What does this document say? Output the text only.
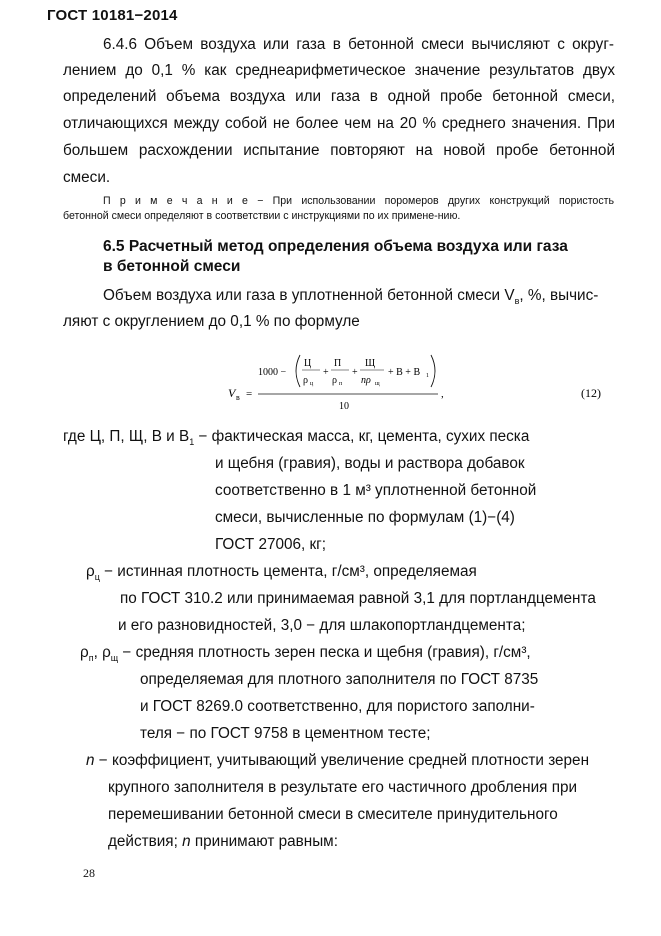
ГОСТ 10181−2014
6.4.6 Объем воздуха или газа в бетонной смеси вычисляют с округ-
лением до 0,1 % как среднеарифметическое значение результатов двух
определений объема воздуха или газа в одной пробе бетонной смеси,
отличающихся между собой не более чем на 20 % среднего значения. При
большем расхождении испытание повторяют на новой пробе бетонной
смеси.
П р и м е ч а н и е − При использовании поромеров других конструкций пористость
бетонной смеси определяют в соответствии с инструкциями по их примене-нию.
6.5 Расчетный метод определения объема воздуха или газа
в бетонной смеси
Объем воздуха или газа в уплотненной бетонной смеси $V_в$, %, вычис-
ляют с округлением до 0,1 % по формуле
V в =
1000 −
Ц
ρ ц
+
П
ρ п
+
Щ
nρ щ
+ В + В 1
10
,	(12)
где Ц, П, Щ, В и $В_1$ − фактическая масса, кг, цемента, сухих песка
и щебня (гравия), воды и раствора добавок
соответственно в 1 м³ уплотненной бетонной
смеси, вычисленные по формулам (1)−(4)
ГОСТ 27006, кг;
$\rho_ц$ − истинная плотность цемента, г/см³, определяемая
по ГОСТ 310.2 или принимаемая равной 3,1 для портландцемента
и его разновидностей, 3,0 − для шлакопортландцемента;
$\rho_п$, $\rho_щ$ − средняя плотность зерен песка и щебня (гравия), г/см³,
определяемая для плотного заполнителя по ГОСТ 8735
и ГОСТ 8269.0 соответственно, для пористого заполни-
теля − по ГОСТ 9758 в цементном тесте;
n − коэффициент, учитывающий увеличение средней плотности зерен
крупного заполнителя в результате его частичного дробления при
перемешивании бетонной смеси в смесителе принудительного
действия; n принимают равным:
28
